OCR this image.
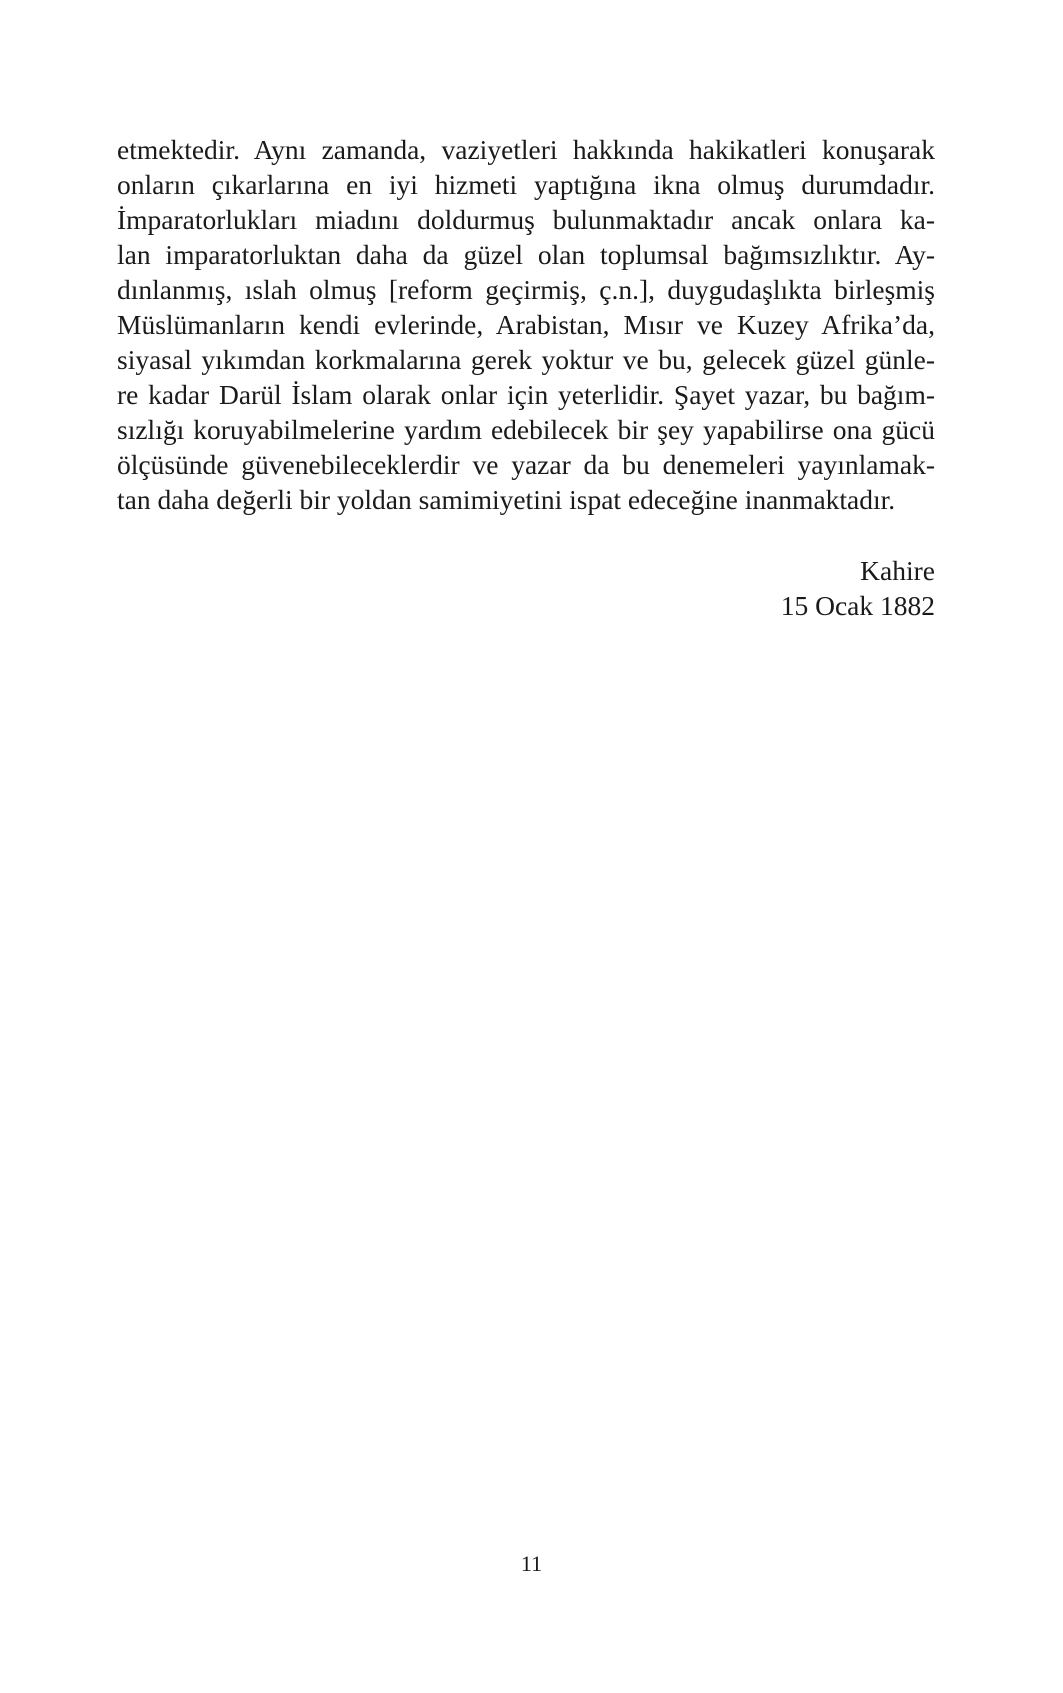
etmektedir. Aynı zamanda, vaziyetleri hakkında hakikatleri konuşarak
onların çıkarlarına en iyi hizmeti yaptığına ikna olmuş durumdadır.
İmparatorlukları miadını doldurmuş bulunmaktadır ancak onlara ka-
lan imparatorluktan daha da güzel olan toplumsal bağımsızlıktır. Ay-
dınlanmış, ıslah olmuş [reform geçirmiş, ç.n.], duygudaşlıkta birleşmiş
Müslümanların kendi evlerinde, Arabistan, Mısır ve Kuzey Afrika’da,
siyasal yıkımdan korkmalarına gerek yoktur ve bu, gelecek güzel günle-
re kadar Darül İslam olarak onlar için yeterlidir. Şayet yazar, bu bağım-
sızlığı koruyabilmelerine yardım edebilecek bir şey yapabilirse ona gücü
ölçüsünde güvenebileceklerdir ve yazar da bu denemeleri yayınlamak-
tan daha değerli bir yoldan samimiyetini ispat edeceğine inanmaktadır.
Kahire
15 Ocak 1882
11
